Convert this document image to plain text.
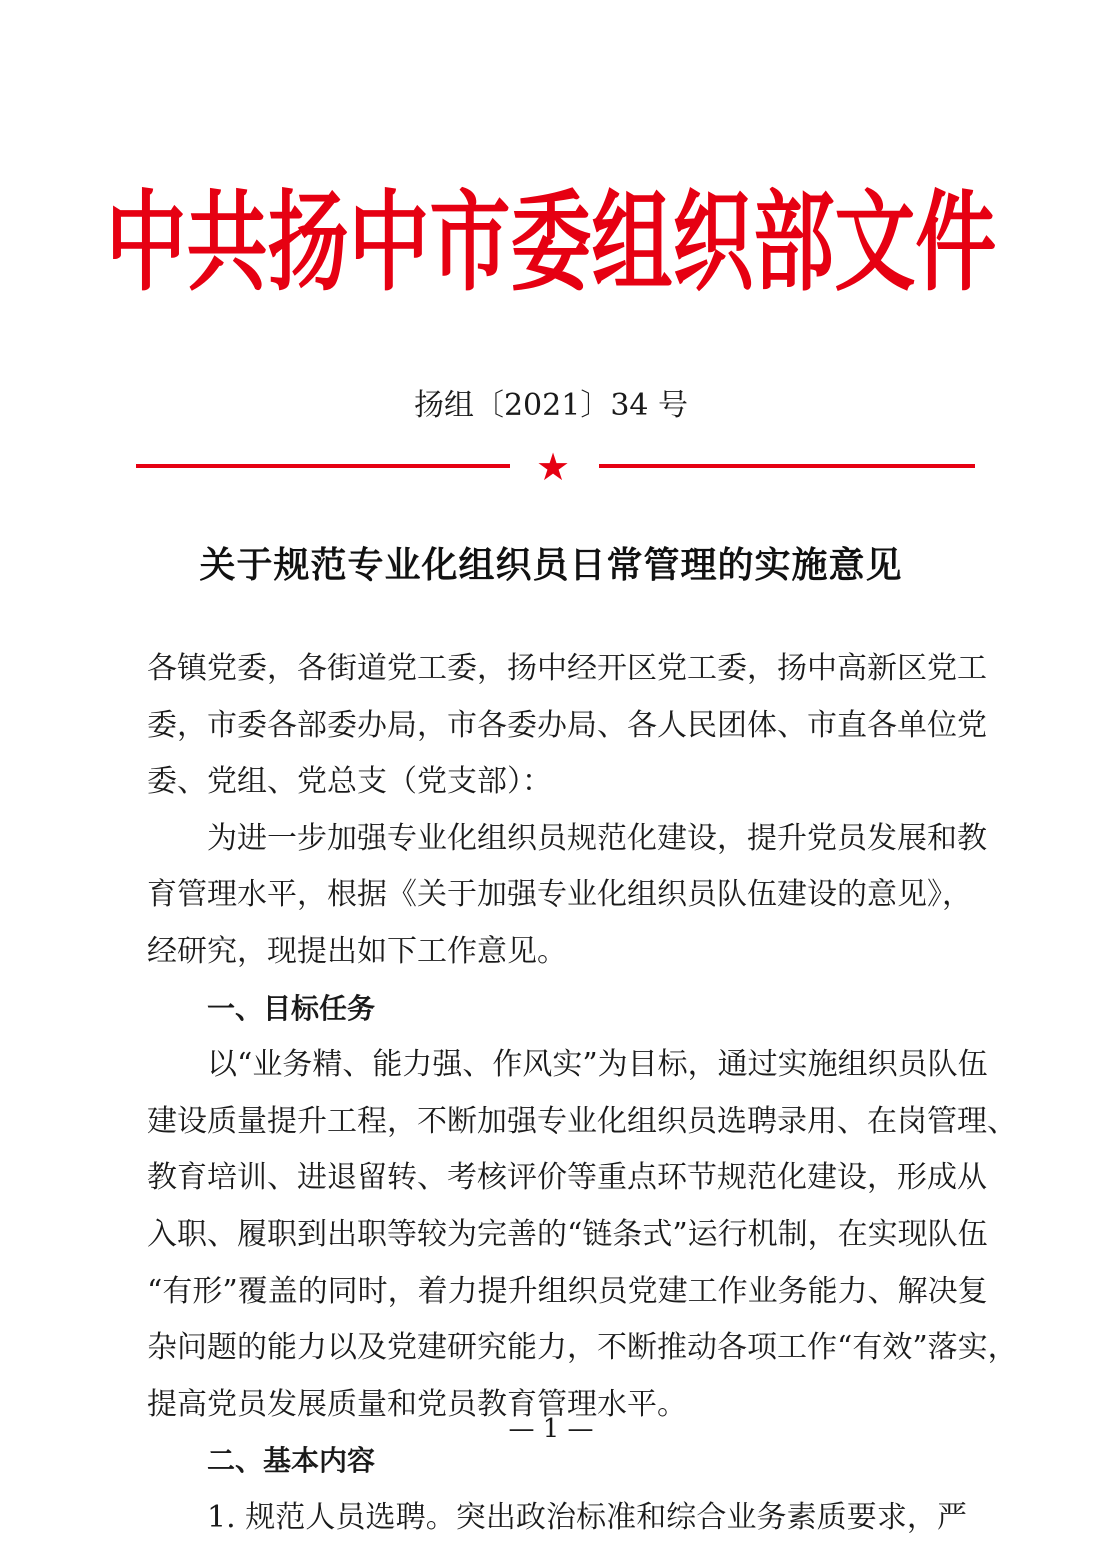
中共扬中市委组织部文件
扬组〔2021〕34 号
★
关于规范专业化组织员日常管理的实施意见
各镇党委，各街道党工委，扬中经开区党工委，扬中高新区党工
委，市委各部委办局，市各委办局、各人民团体、市直各单位党
委、党组、党总支（党支部）：
为进一步加强专业化组织员规范化建设，提升党员发展和教
育管理水平，根据《关于加强专业化组织员队伍建设的意见》，
经研究，现提出如下工作意见。
一、目标任务
以“业务精、能力强、作风实”为目标，通过实施组织员队伍
建设质量提升工程，不断加强专业化组织员选聘录用、在岗管理、
教育培训、进退留转、考核评价等重点环节规范化建设，形成从
入职、履职到出职等较为完善的“链条式”运行机制，在实现队伍
“有形”覆盖的同时，着力提升组织员党建工作业务能力、解决复
杂问题的能力以及党建研究能力，不断推动各项工作“有效”落实，
提高党员发展质量和党员教育管理水平。
二、基本内容
1. 规范人员选聘。突出政治标准和综合业务素质要求，严
— 1 —
